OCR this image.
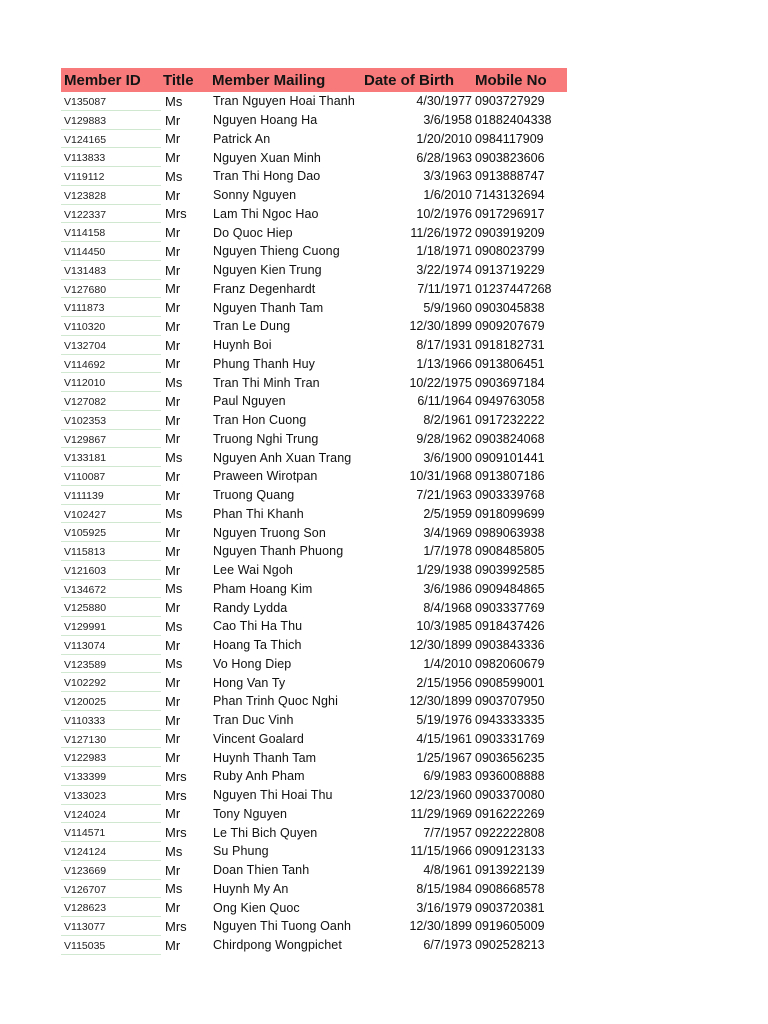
Member ID	Title	Member Mailing	Date of Birth	Mobile No
V135087	Ms	Tran Nguyen Hoai Thanh	4/30/1977 0903727929
V129883	Mr	Nguyen Hoang Ha	3/6/1958 01882404338
V124165	Mr	Patrick An	1/20/2010 0984117909
V113833	Mr	Nguyen Xuan Minh	6/28/1963 0903823606
V119112	Ms	Tran Thi Hong Dao	3/3/1963 0913888747
V123828	Mr	Sonny Nguyen	1/6/2010 7143132694
V122337	Mrs	Lam Thi Ngoc Hao	10/2/1976 0917296917
V114158	Mr	Do Quoc Hiep	11/26/1972 0903919209
V114450	Mr	Nguyen Thieng Cuong	1/18/1971 0908023799
V131483	Mr	Nguyen Kien Trung	3/22/1974 0913719229
V127680	Mr	Franz Degenhardt	7/11/1971 01237447268
V111873	Mr	Nguyen Thanh Tam	5/9/1960 0903045838
V110320	Mr	Tran Le Dung	12/30/1899 0909207679
V132704	Mr	Huynh Boi	8/17/1931 0918182731
V114692	Mr	Phung Thanh Huy	1/13/1966 0913806451
V112010	Ms	Tran Thi Minh Tran	10/22/1975 0903697184
V127082	Mr	Paul Nguyen	6/11/1964 0949763058
V102353	Mr	Tran Hon Cuong	8/2/1961 0917232222
V129867	Mr	Truong Nghi Trung	9/28/1962 0903824068
V133181	Ms	Nguyen Anh Xuan Trang	3/6/1900 0909101441
V110087	Mr	Praween Wirotpan	10/31/1968 0913807186
V111139	Mr	Truong Quang	7/21/1963 0903339768
V102427	Ms	Phan Thi Khanh	2/5/1959 0918099699
V105925	Mr	Nguyen Truong Son	3/4/1969 0989063938
V115813	Mr	Nguyen Thanh Phuong	1/7/1978 0908485805
V121603	Mr	Lee Wai Ngoh	1/29/1938 0903992585
V134672	Ms	Pham Hoang Kim	3/6/1986 0909484865
V125880	Mr	Randy Lydda	8/4/1968 0903337769
V129991	Ms	Cao Thi Ha Thu	10/3/1985 0918437426
V113074	Mr	Hoang Ta Thich	12/30/1899 0903843336
V123589	Ms	Vo Hong Diep	1/4/2010 0982060679
V102292	Mr	Hong Van Ty	2/15/1956 0908599001
V120025	Mr	Phan Trinh Quoc Nghi	12/30/1899 0903707950
V110333	Mr	Tran Duc Vinh	5/19/1976 0943333335
V127130	Mr	Vincent Goalard	4/15/1961 0903331769
V122983	Mr	Huynh Thanh Tam	1/25/1967 0903656235
V133399	Mrs	Ruby Anh Pham	6/9/1983 0936008888
V133023	Mrs	Nguyen Thi Hoai Thu	12/23/1960 0903370080
V124024	Mr	Tony Nguyen	11/29/1969 0916222269
V114571	Mrs	Le Thi Bich Quyen	7/7/1957 0922222808
V124124	Ms	Su Phung	11/15/1966 0909123133
V123669	Mr	Doan Thien Tanh	4/8/1961 0913922139
V126707	Ms	Huynh My An	8/15/1984 0908668578
V128623	Mr	Ong Kien Quoc	3/16/1979 0903720381
V113077	Mrs	Nguyen Thi Tuong Oanh	12/30/1899 0919605009
V115035	Mr	Chirdpong Wongpichet	6/7/1973 0902528213
